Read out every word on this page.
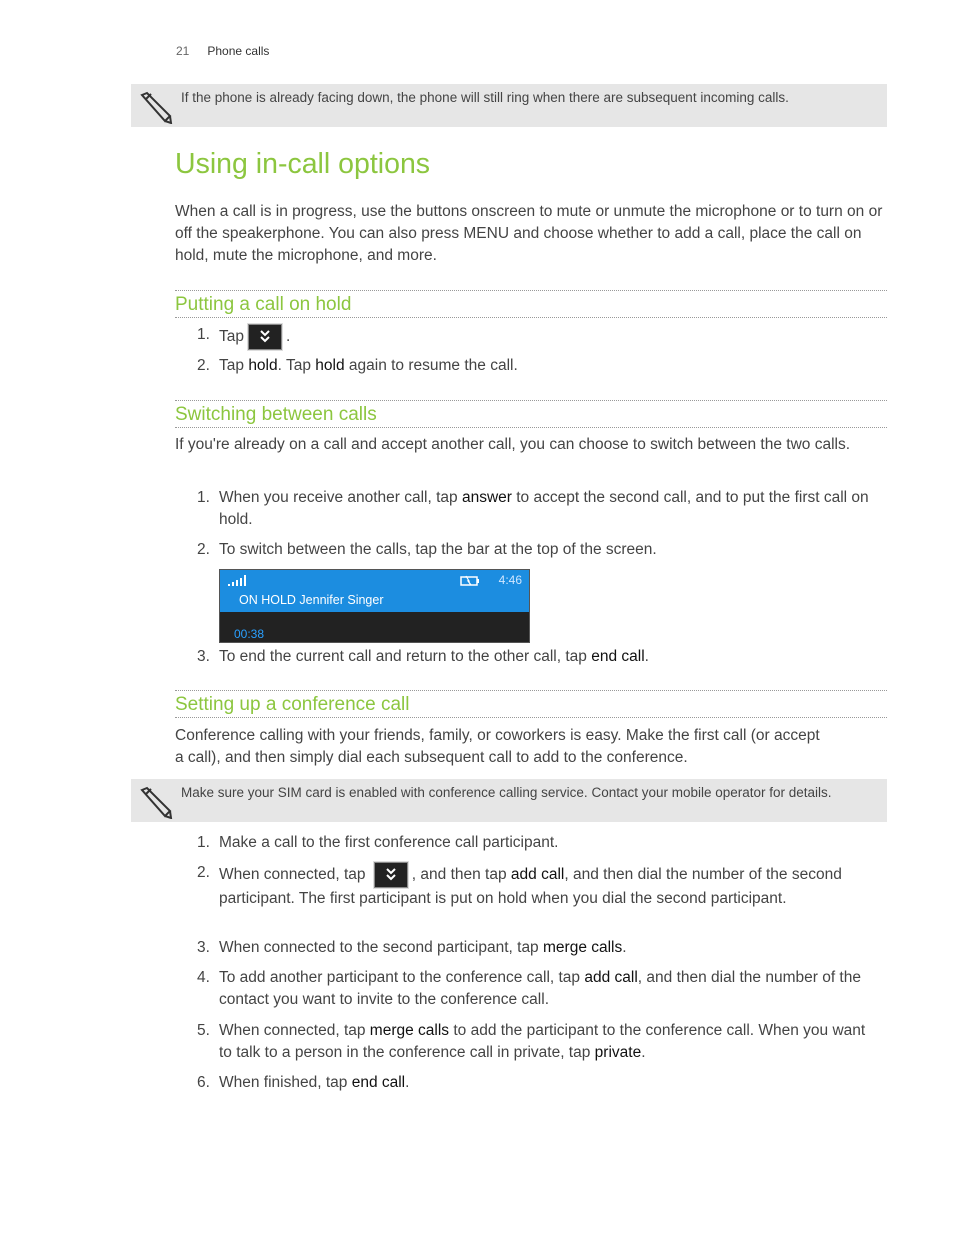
21 Phone calls
If the phone is already facing down, the phone will still ring when there are subsequent incoming calls.
Using in-call options

When a call is in progress, use the buttons onscreen to mute or unmute the microphone or to turn on or off the speakerphone. You can also press MENU and choose whether to add a call, place the call on hold, mute the microphone, and more.

Putting a call on hold
1. Tap	.
2. Tap hold. Tap hold again to resume the call.
Switching between calls

If you're already on a call and accept another call, you can choose to switch between the two calls.

1. When you receive another call, tap answer to accept the second call, and to put the first call on hold.
2. To switch between the calls, tap the bar at the top of the screen.
4:46
ON HOLD Jennifer Singer
00:38
3. To end the current call and return to the other call, tap end call.
Setting up a conference call

Conference calling with your friends, family, or coworkers is easy. Make the first call (or accept a call), and then simply dial each subsequent call to add to the conference.

Make sure your SIM card is enabled with conference calling service. Contact your mobile operator for details.
1. Make a call to the first conference call participant.
2. When connected, tap	, and then tap add call, and then dial the number of the second participant. The first participant is put on hold when you dial the second participant.
3. When connected to the second participant, tap merge calls.
4. To add another participant to the conference call, tap add call, and then dial the number of the contact you want to invite to the conference call.
5. When connected, tap merge calls to add the participant to the conference call. When you want to talk to a person in the conference call in private, tap private.
6. When finished, tap end call.
